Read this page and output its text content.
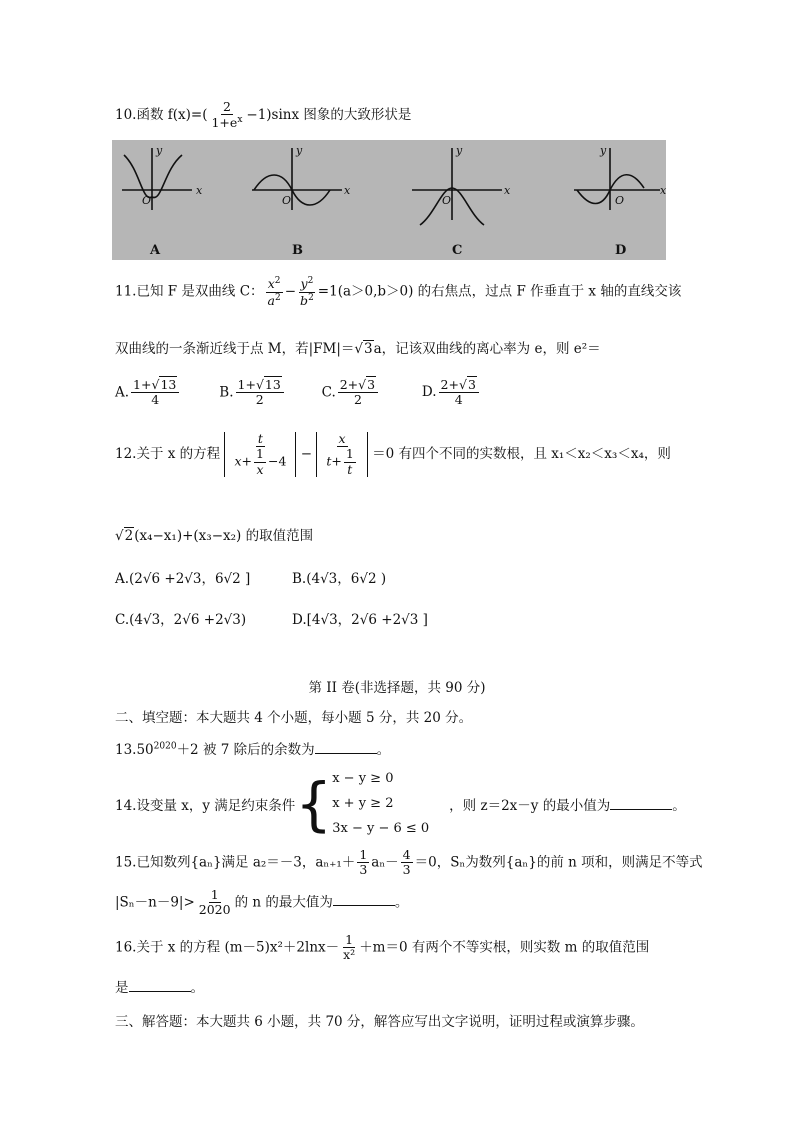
10.函数 $f(x)=( \frac{2}{1+e^x} -1)\sin x$ 图象的大致形状是
y
x
O
y
x
O
y
x
O
y
x
O
A	B	C	D
11.已知 F 是双曲线 C： $\frac{x^2}{a^2} - \frac{y^2}{b^2} =1(a>0,b>0)$ 的右焦点，过点 F 作垂直于 x 轴的直线交该
双曲线的一条渐近线于点 M，若|FM|＝√3a，记该双曲线的离心率为 e，则 e²＝
A. $\frac{1+√13}{4}$	B. $\frac{1+√13}{2}$	C. $\frac{2+√3}{2}$	D. $\frac{2+√3}{4}$
12.关于 x 的方程 $\frac{t}{x+ \frac{1}{x} -4} - \frac{x}{t+ \frac{1}{t}} =0$ 有四个不同的实数根，且 x₁＜x₂＜x₃＜x₄，则
√2(x₄−x₁)+(x₃−x₂) 的取值范围
A.(2√6 +2√3，6√2 ]	B.(4√3，6√2 )
C.(4√3，2√6 +2√3)	D.[4√3，2√6 +2√3 ]
第 II 卷(非选择题，共 90 分)
二、填空题：本大题共 4 个小题，每小题 5 分，共 20 分。
$13.50^{2020}+2$ 被 7 除后的余数为	。
14.设变量 x，y 满足约束条件 { x − y ≥ 0
x + y ≥ 2
3x − y − 6 ≤ 0
，则 z＝2x－y 的最小值为	。
15.已知数列{aₙ}满足 a₂＝－3，$a_{n+1}+ \frac{1}{3} a_n- \frac{4}{3} =0$，Sₙ为数列{aₙ}的前 n 项和，则满足不等式
$|S_n-n-9|> \frac{1}{2020}$ 的 n 的最大值为	。
16.关于 x 的方程 $(m-5)x^2+2\ln x- \frac{1}{\text{x²}} +m=0$ 有两个不等实根，则实数 m 的取值范围
是	。
三、解答题：本大题共 6 小题，共 70 分，解答应写出文字说明，证明过程或演算步骤。
